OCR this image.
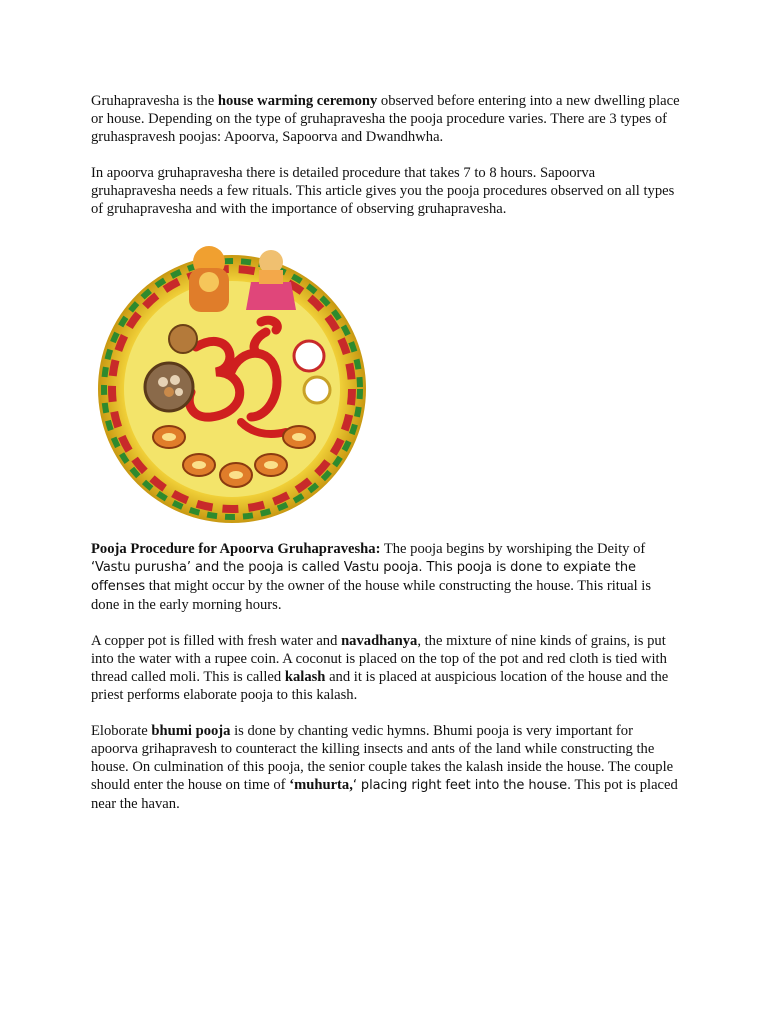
Gruhapravesha is the house warming ceremony observed before entering into a new dwelling place or house. Depending on the type of gruhapravesha the pooja procedure varies. There are 3 types of gruhaspravesh poojas: Apoorva, Sapoorva and Dwandhwha.

In apoorva gruhapravesha there is detailed procedure that takes 7 to 8 hours. Sapoorva gruhapravesha needs a few rituals. This article gives you the pooja procedures observed on all types of gruhapravesha and with the importance of observing gruhapravesha.

Pooja Procedure for Apoorva Gruhapravesha: The pooja begins by worshiping the Deity of ‘Vastu purusha’ and the pooja is called Vastu pooja. This pooja is done to expiate the offenses that might occur by the owner of the house while constructing the house. This ritual is done in the early morning hours.

A copper pot is filled with fresh water and navadhanya, the mixture of nine kinds of grains, is put into the water with a rupee coin. A coconut is placed on the top of the pot and red cloth is tied with thread called moli. This is called kalash and it is placed at auspicious location of the house and the priest performs elaborate pooja to this kalash.

Eloborate bhumi pooja is done by chanting vedic hymns. Bhumi pooja is very important for apoorva grihapravesh to counteract the killing insects and ants of the land while constructing the house. On culmination of this pooja, the senior couple takes the kalash inside the house. The couple should enter the house on time of ‘muhurta,‘ placing right feet into the house. This pot is placed near the havan.
